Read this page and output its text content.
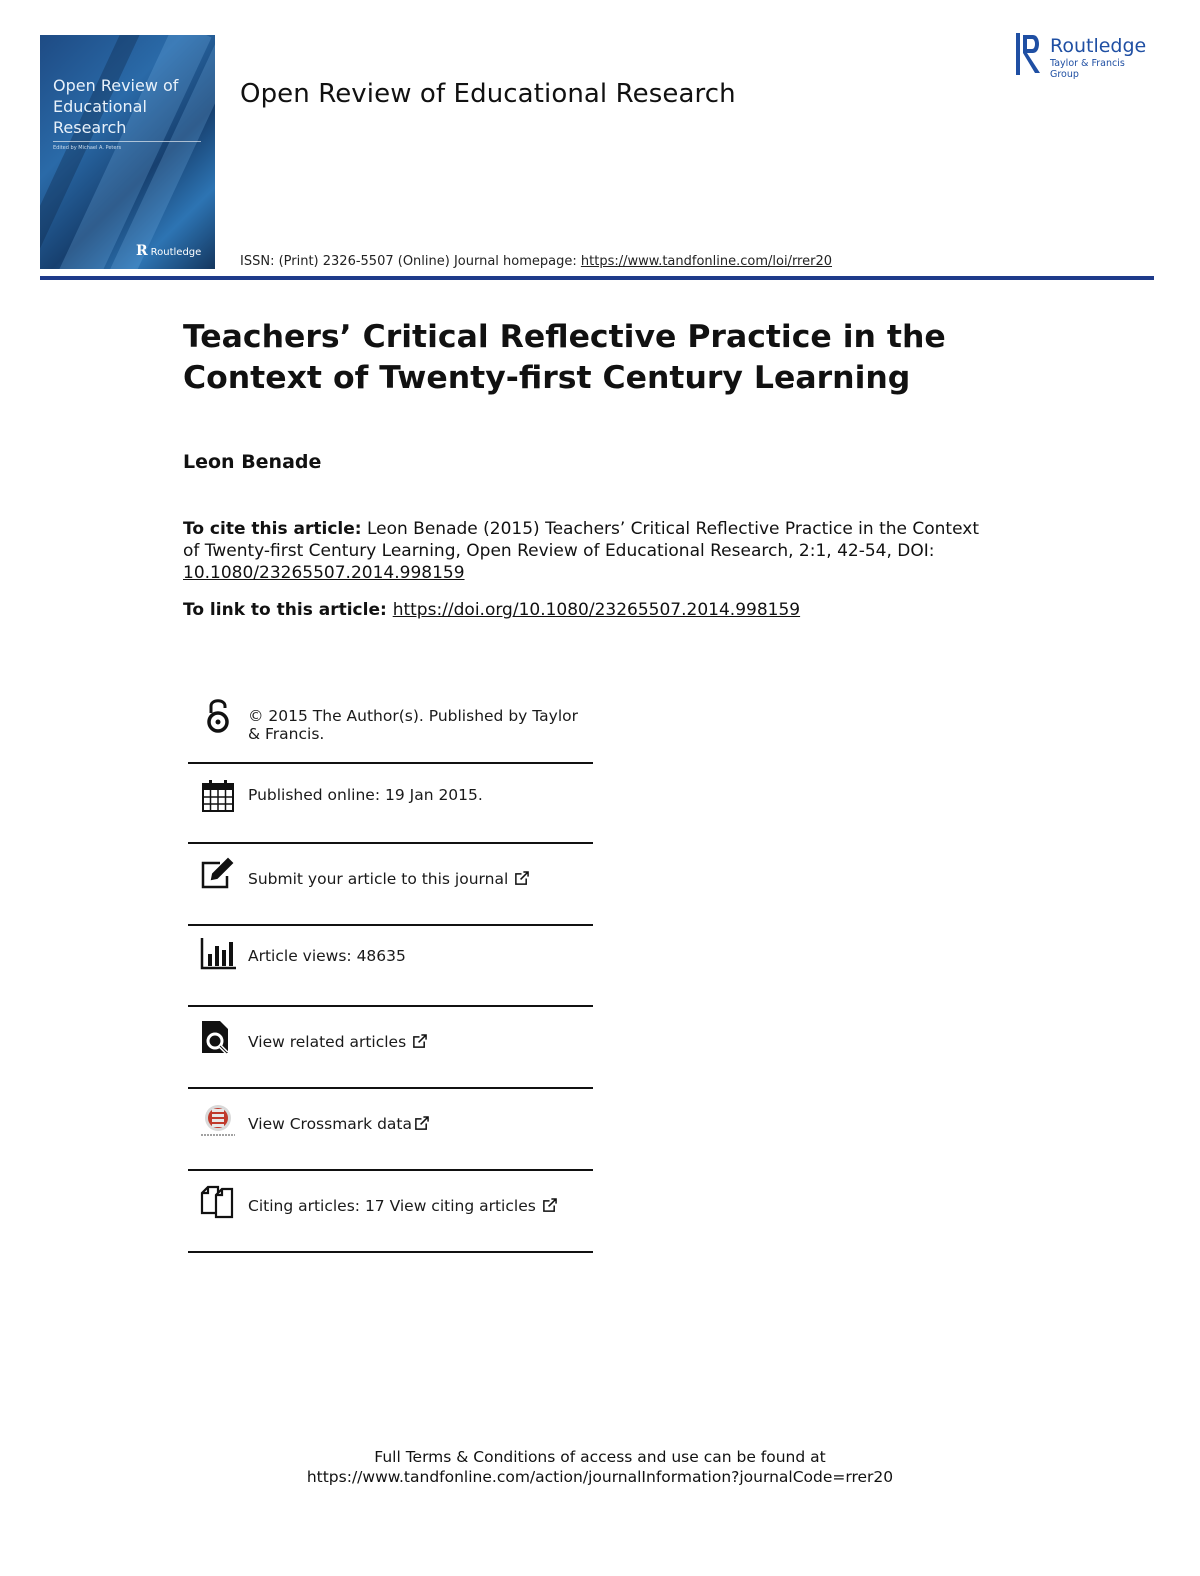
Open Review of Educational Research
Edited by Michael A. Peters
R Routledge
Open Review of Educational Research
Routledge
Taylor & Francis Group
ISSN: (Print) 2326-5507 (Online) Journal homepage: https://www.tandfonline.com/loi/rrer20
Teachers’ Critical Reflective Practice in the Context of Twenty-first Century Learning
Leon Benade
To cite this article: Leon Benade (2015) Teachers’ Critical Reflective Practice in the Context of Twenty-first Century Learning, Open Review of Educational Research, 2:1, 42-54, DOI: 10.1080/23265507.2014.998159
To link to this article: https://doi.org/10.1080/23265507.2014.998159
© 2015 The Author(s). Published by Taylor & Francis.
Published online: 19 Jan 2015.
Submit your article to this journal
Article views: 48635
View related articles
View Crossmark data
Citing articles: 17 View citing articles
Full Terms & Conditions of access and use can be found at
https://www.tandfonline.com/action/journalInformation?journalCode=rrer20
